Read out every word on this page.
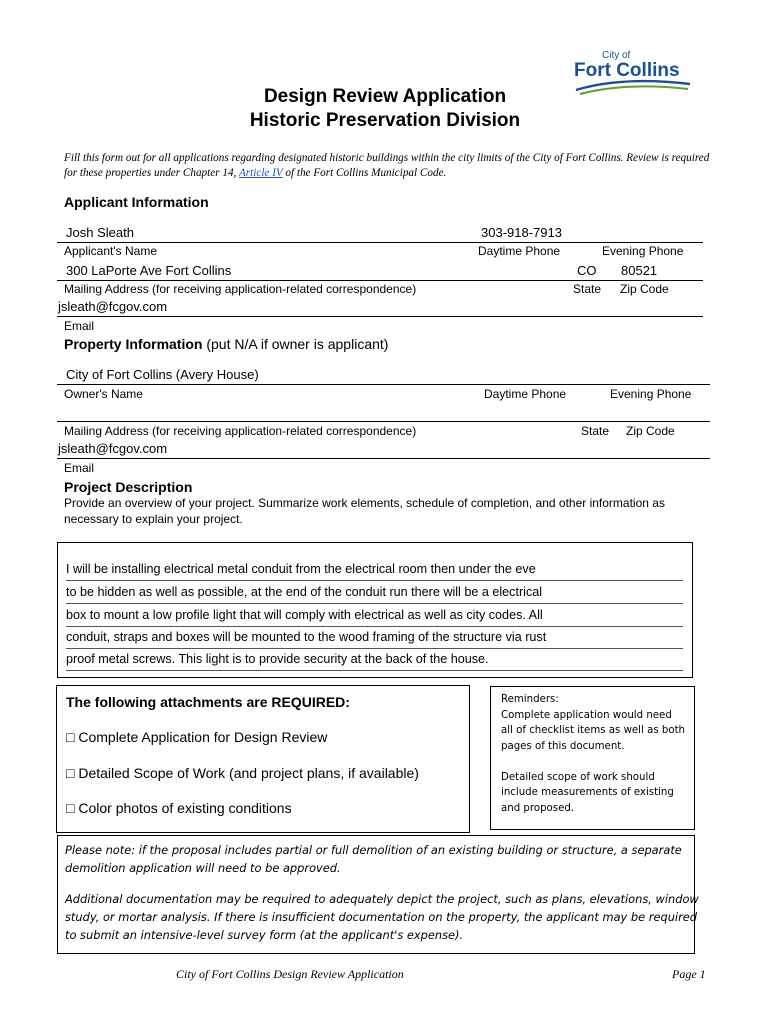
City of
Fort Collins
Design Review Application
Historic Preservation Division
Fill this form out for all applications regarding designated historic buildings within the city limits of the City of Fort Collins. Review is required for these properties under Chapter 14, Article IV of the Fort Collins Municipal Code.
Applicant Information
Josh Sleath	303-918-7913
Applicant's Name	Daytime Phone	Evening Phone
300 LaPorte Ave Fort Collins	CO 80521
Mailing Address (for receiving application-related correspondence)	State Zip Code
jsleath@fcgov.com
Email
Property Information (put N/A if owner is applicant)
City of Fort Collins (Avery House)
Owner's Name	Daytime Phone	Evening Phone
Mailing Address (for receiving application-related correspondence)	State Zip Code
jsleath@fcgov.com
Email
Project Description
Provide an overview of your project. Summarize work elements, schedule of completion, and other information as
necessary to explain your project.
I will be installing electrical metal conduit from the electrical room then under the eve
to be hidden as well as possible, at the end of the conduit run there will be a electrical
box to mount a low profile light that will comply with electrical as well as city codes. All
conduit, straps and boxes will be mounted to the wood framing of the structure via rust
proof metal screws. This light is to provide security at the back of the house.
The following attachments are REQUIRED:
□ Complete Application for Design Review
□ Detailed Scope of Work (and project plans, if available)
□ Color photos of existing conditions
Reminders:
Complete application would need
all of checklist items as well as both
pages of this document.
Detailed scope of work should
include measurements of existing
and proposed.
Please note: if the proposal includes partial or full demolition of an existing building or structure, a separate
demolition application will need to be approved.
Additional documentation may be required to adequately depict the project, such as plans, elevations, window
study, or mortar analysis. If there is insufficient documentation on the property, the applicant may be required
to submit an intensive-level survey form (at the applicant's expense).
City of Fort Collins Design Review Application	Page 1
